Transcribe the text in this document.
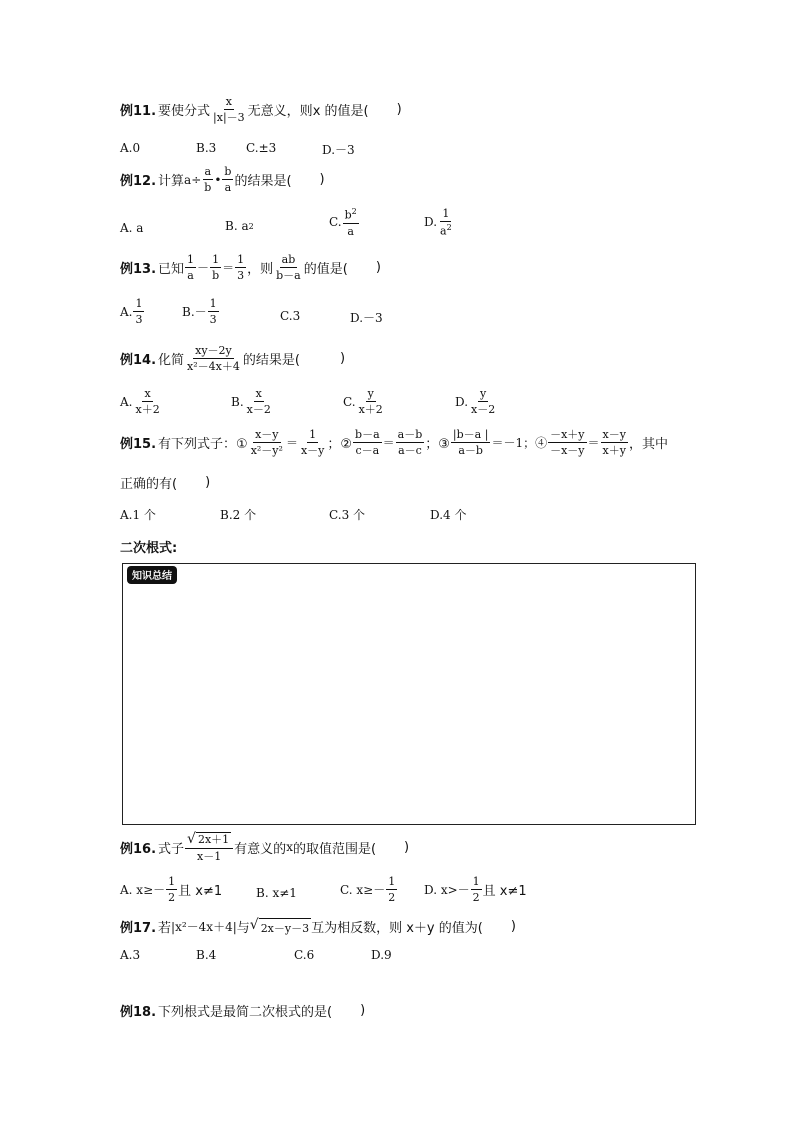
例11. 要使分式 $\frac{x}{|x|-3}$ 无意义，则 x 的值是( )
A.0	B.3 C.±3	D.－3
例12. 计算 $a\div \frac{a}{b}$ • $\frac{b}{a}$ 的结果是( )
A. a	B. a 2	C. $\frac{b^2}{a}$	D. $\frac{1}{a^2}$
例13. 已知 $\frac{1}{a} - \frac{1}{b} = \frac{1}{3}$ ，则 $\frac{ab}{b-a}$ 的值是( )
A. $\frac{1}{3}$	$B.- \frac{1}{3}$	C.3	D.－3
例14. 化简 $\frac{xy-2y}{\text{x²－4x＋4}}$ 的结果是(	)
A. $\frac{x}{x+2}$	B. $\frac{x}{x-2}$	C. $\frac{y}{x+2}$	D. $\frac{y}{x-2}$
例15. 有下列式子：① $\frac{x-y}{\text{x²－y²}} = \frac{1}{x-y}$ ；② $\frac{b-a}{c-a} = \frac{a-b}{a-c}$ ；③ $\frac{|b-a |}{a-b} =-1$；④ $\frac{-x+y}{-x-y} = \frac{x-y}{x+y}$ ，其中
正确的有( )
A.1 个	B.2 个	C.3 个	D.4 个
二次根式:
知识总结
例16. 式子 $\frac{√ 2x+1}{x-1}$ 有意义的 x 的取值范围是( )
A. $x\ge- \frac{1}{2}$ 且 x≠1	B. x≠1	C. $x\ge- \frac{1}{2} D$. $x>- \frac{1}{2}$ 且 x≠1
例17. 若 |x²－4x＋4| 与 √ 2x－y－3 互为相反数，则 x＋y 的值为( )
A.3	B.4	C.6	D.9
例18. 下列根式是最简二次根式的是( )
